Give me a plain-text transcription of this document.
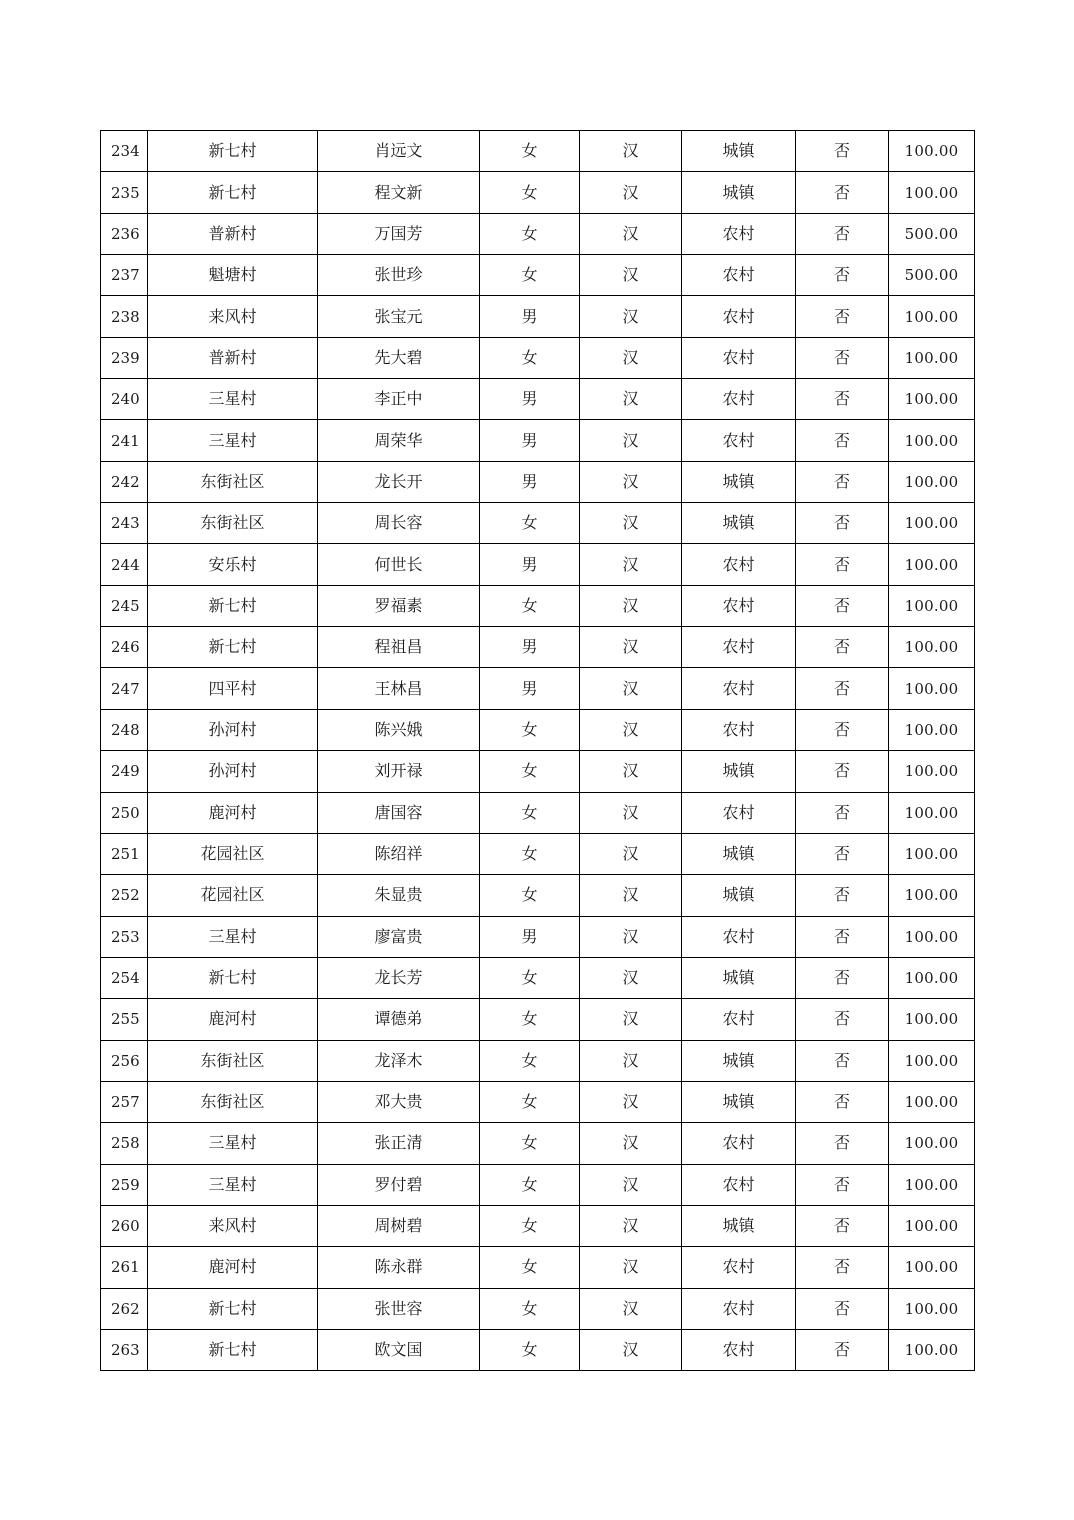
234	新七村	肖远文	女	汉	城镇	否	100.00
235	新七村	程文新	女	汉	城镇	否	100.00
236	普新村	万国芳	女	汉	农村	否	500.00
237	魁塘村	张世珍	女	汉	农村	否	500.00
238	来风村	张宝元	男	汉	农村	否	100.00
239	普新村	先大碧	女	汉	农村	否	100.00
240	三星村	李正中	男	汉	农村	否	100.00
241	三星村	周荣华	男	汉	农村	否	100.00
242	东街社区	龙长开	男	汉	城镇	否	100.00
243	东街社区	周长容	女	汉	城镇	否	100.00
244	安乐村	何世长	男	汉	农村	否	100.00
245	新七村	罗福素	女	汉	农村	否	100.00
246	新七村	程祖昌	男	汉	农村	否	100.00
247	四平村	王林昌	男	汉	农村	否	100.00
248	孙河村	陈兴娥	女	汉	农村	否	100.00
249	孙河村	刘开禄	女	汉	城镇	否	100.00
250	鹿河村	唐国容	女	汉	农村	否	100.00
251	花园社区	陈绍祥	女	汉	城镇	否	100.00
252	花园社区	朱显贵	女	汉	城镇	否	100.00
253	三星村	廖富贵	男	汉	农村	否	100.00
254	新七村	龙长芳	女	汉	城镇	否	100.00
255	鹿河村	谭德弟	女	汉	农村	否	100.00
256	东街社区	龙泽木	女	汉	城镇	否	100.00
257	东街社区	邓大贵	女	汉	城镇	否	100.00
258	三星村	张正清	女	汉	农村	否	100.00
259	三星村	罗付碧	女	汉	农村	否	100.00
260	来风村	周树碧	女	汉	城镇	否	100.00
261	鹿河村	陈永群	女	汉	农村	否	100.00
262	新七村	张世容	女	汉	农村	否	100.00
263	新七村	欧文国	女	汉	农村	否	100.00
